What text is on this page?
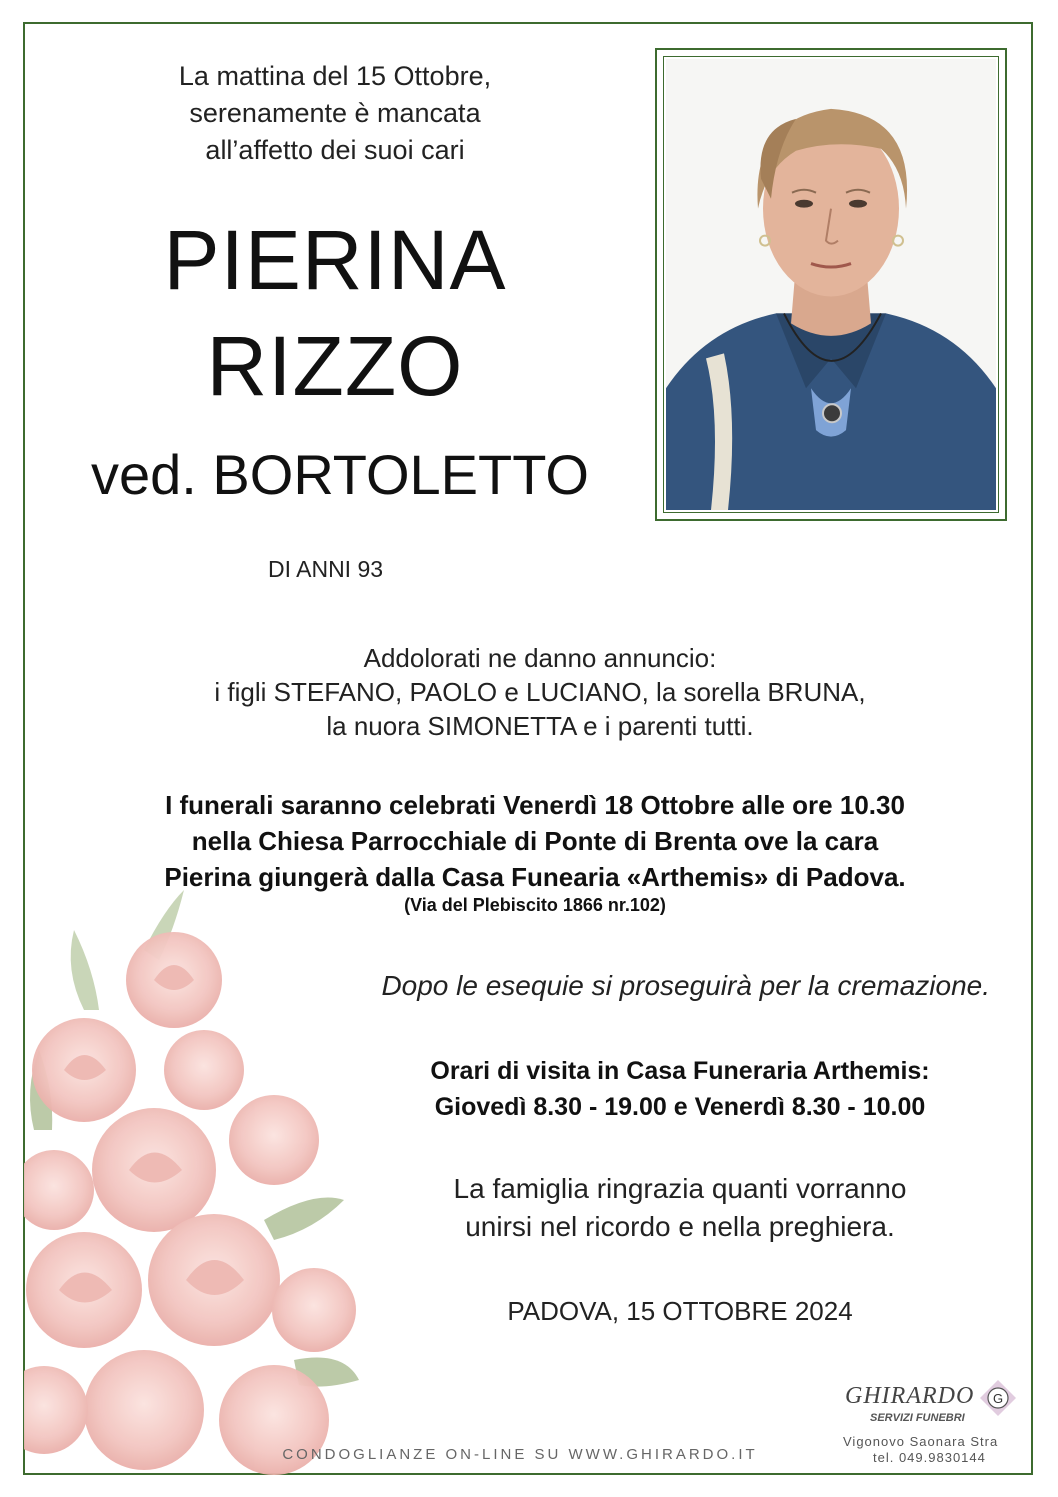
La mattina del 15 Ottobre,
serenamente è mancata
all’affetto dei suoi cari
PIERINA
RIZZO
ved. BORTOLETTO
DI ANNI 93
Addolorati ne danno annuncio:
i figli STEFANO, PAOLO e LUCIANO, la sorella BRUNA,
la nuora SIMONETTA e i parenti tutti.
I funerali saranno celebrati Venerdì 18 Ottobre alle ore 10.30
nella Chiesa Parrocchiale di Ponte di Brenta ove la cara
Pierina giungerà dalla Casa Funearia «Arthemis» di Padova.
(Via del Plebiscito 1866 nr.102)
Dopo le esequie si proseguirà per la cremazione.
Orari di visita in Casa Funeraria Arthemis:
Giovedì 8.30 - 19.00 e Venerdì 8.30 - 10.00
La famiglia ringrazia quanti vorranno
unirsi nel ricordo e nella preghiera.
PADOVA, 15 OTTOBRE 2024
CONDOGLIANZE ON-LINE SU WWW.GHIRARDO.IT
GHIRARDO
SERVIZI FUNEBRI
G
Vigonovo Saonara Stra
tel. 049.9830144
